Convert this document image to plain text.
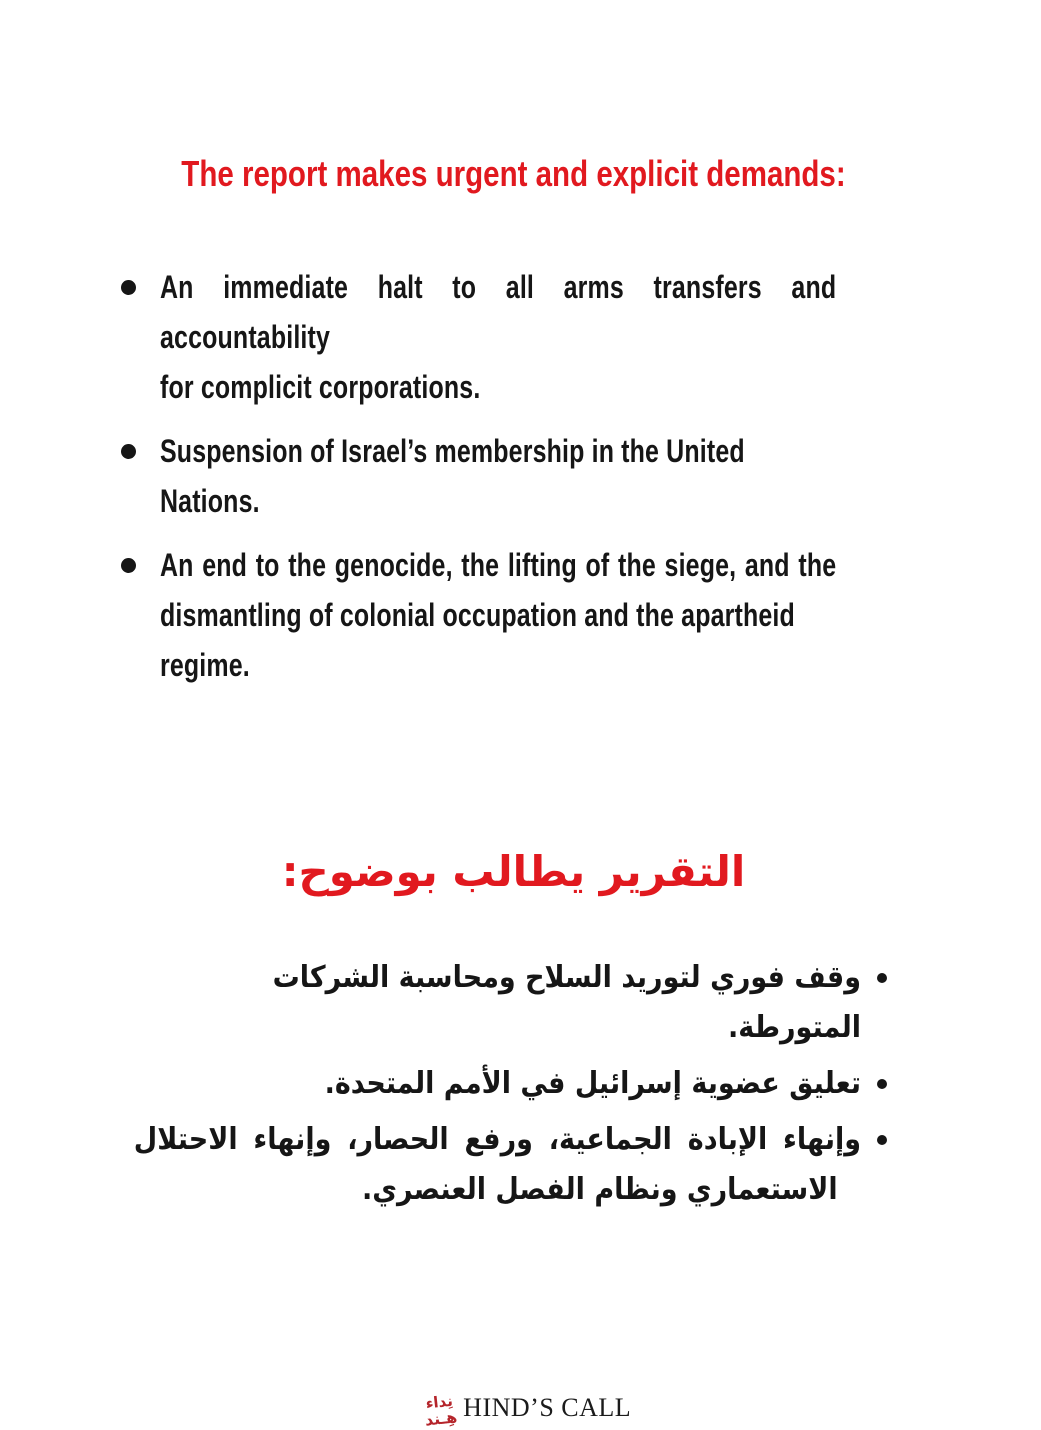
The report makes urgent and explicit demands:
An immediate halt to all arms transfers and accountability
for complicit corporations.
Suspension of Israel’s membership in the United Nations.
An end to the genocide, the lifting of the siege, and the
dismantling of colonial occupation and the apartheid regime.
التقرير يطالب بوضوح:
وقف فوري لتوريد السلاح ومحاسبة الشركات المتورطة.
تعليق عضوية إسرائيل في الأمم المتحدة.
وإنهاء الإبادة الجماعية، ورفع الحصار، وإنهاء الاحتلال
الاستعماري ونظام الفصل العنصري.
نِداء
هِـند HIND’S CALL
